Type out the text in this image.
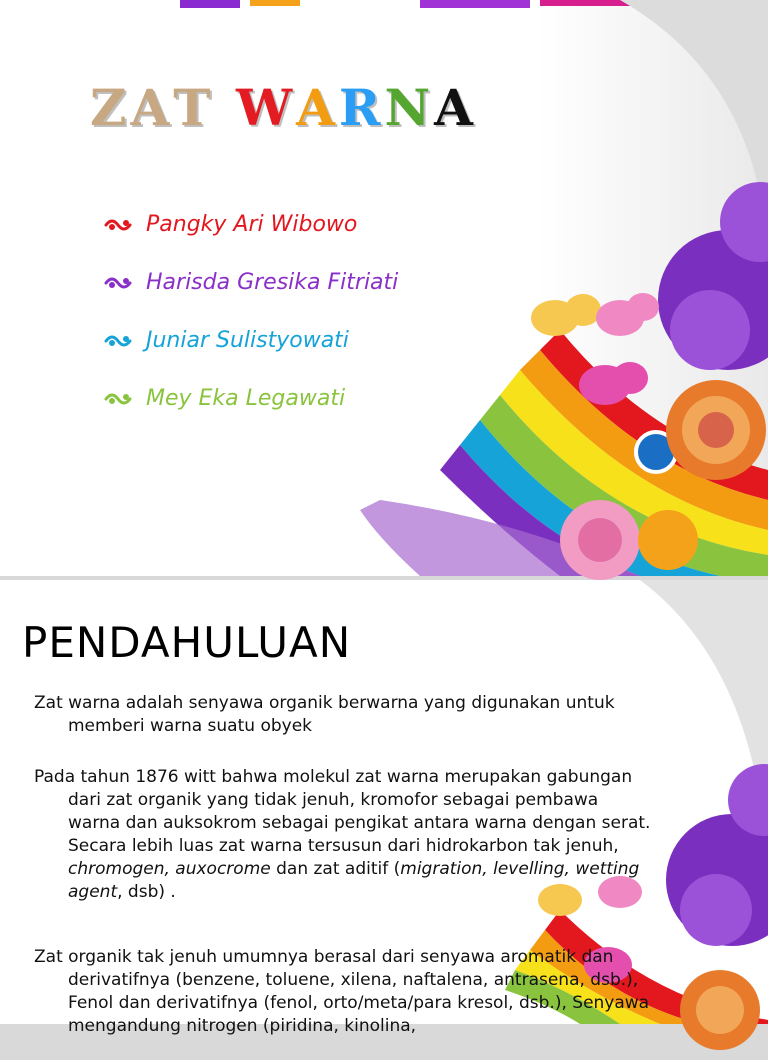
ZAT WARNA
Pangky Ari Wibowo
Harisda Gresika Fitriati
Juniar Sulistyowati
Mey Eka Legawati
PENDAHULUAN

Zat warna adalah senyawa organik berwarna yang digunakan untuk memberi warna suatu obyek

Pada tahun 1876 witt bahwa molekul zat warna merupakan gabungan dari zat organik yang tidak jenuh, kromofor sebagai pembawa warna dan auksokrom sebagai pengikat antara warna dengan serat. Secara lebih luas zat warna tersusun dari hidrokarbon tak jenuh, chromogen, auxocrome dan zat aditif (migration, levelling, wetting agent, dsb) .

Zat organik tak jenuh umumnya berasal dari senyawa aromatik dan derivatifnya (benzene, toluene, xilena, naftalena, antrasena, dsb.), Fenol dan derivatifnya (fenol, orto/meta/para kresol, dsb.), Senyawa mengandung nitrogen (piridina, kinolina,
